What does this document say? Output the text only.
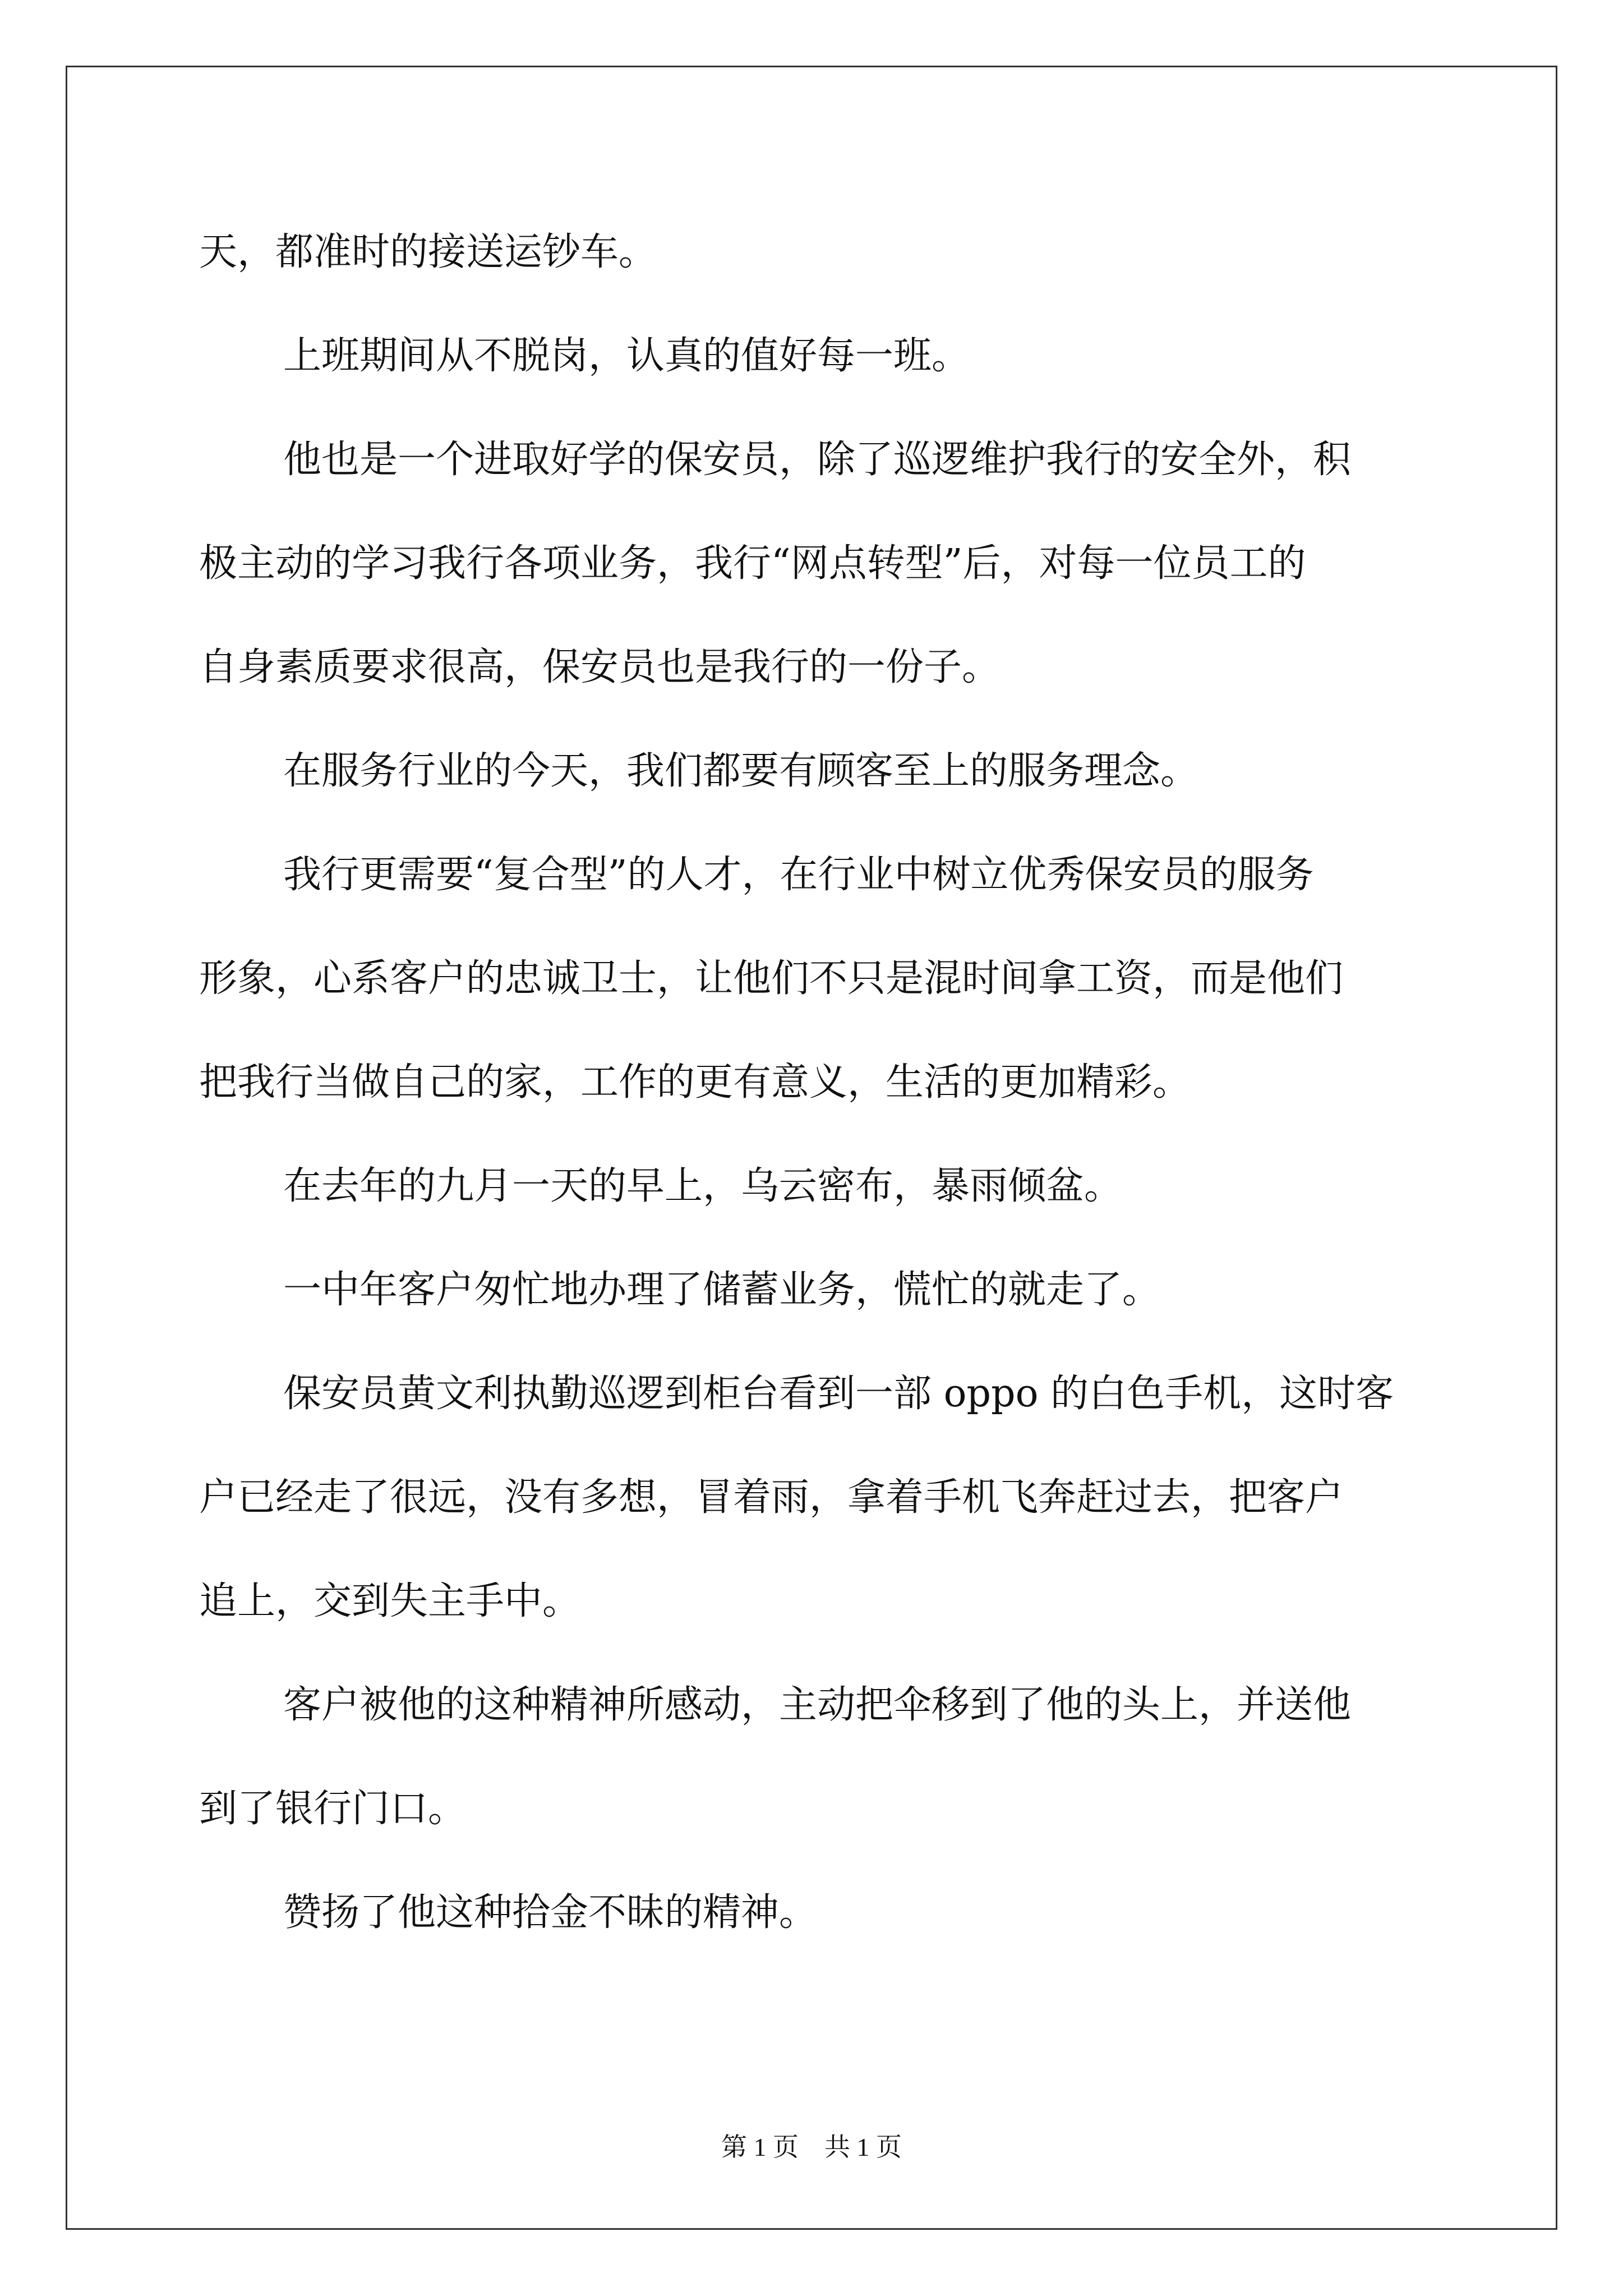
天，都准时的接送运钞车。
上班期间从不脱岗，认真的值好每一班。
他也是一个进取好学的保安员，除了巡逻维护我行的安全外，积
极主动的学习我行各项业务，我行“网点转型”后，对每一位员工的
自身素质要求很高，保安员也是我行的一份子。
在服务行业的今天，我们都要有顾客至上的服务理念。
我行更需要“复合型”的人才，在行业中树立优秀保安员的服务
形象，心系客户的忠诚卫士，让他们不只是混时间拿工资，而是他们
把我行当做自己的家，工作的更有意义，生活的更加精彩。
在去年的九月一天的早上，乌云密布，暴雨倾盆。
一中年客户匆忙地办理了储蓄业务，慌忙的就走了。
保安员黄文利执勤巡逻到柜台看到一部 oppo 的白色手机，这时客
户已经走了很远，没有多想，冒着雨，拿着手机飞奔赶过去，把客户
追上，交到失主手中。
客户被他的这种精神所感动，主动把伞移到了他的头上，并送他
到了银行门口。
赞扬了他这种拾金不昧的精神。
第 1 页　共 1 页
